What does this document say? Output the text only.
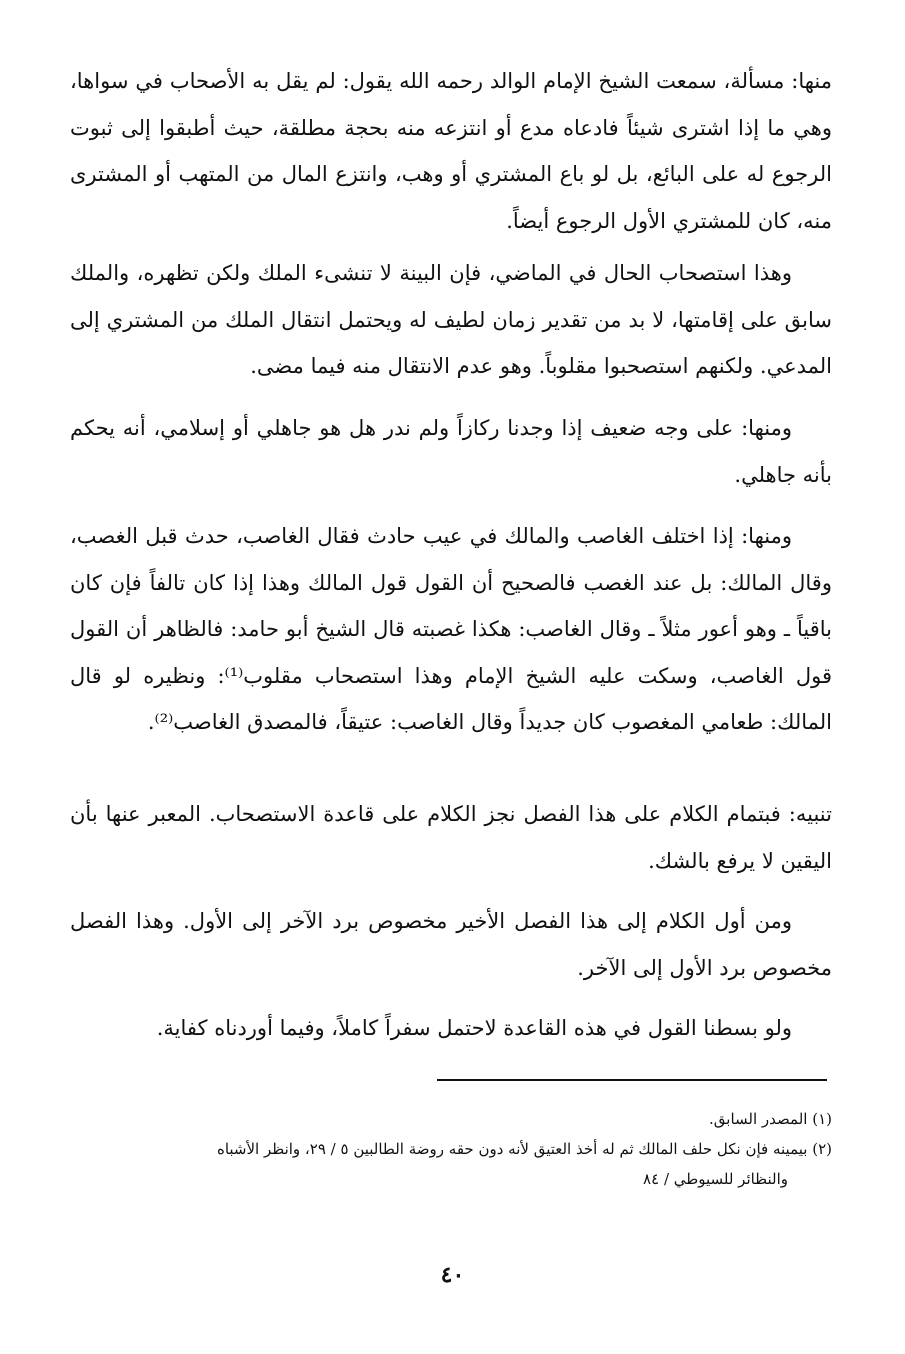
منها: مسألة، سمعت الشيخ الإمام الوالد رحمه الله يقول: لم يقل به الأصحاب في سواها، وهي ما إذا اشترى شيئاً فادعاه مدع أو انتزعه منه بحجة مطلقة، حيث أطبقوا إلى ثبوت الرجوع له على البائع، بل لو باع المشتري أو وهب، وانتزع المال من المتهب أو المشترى منه، كان للمشتري الأول الرجوع أيضاً.

وهذا استصحاب الحال في الماضي، فإن البينة لا تنشىء الملك ولكن تظهره، والملك سابق على إقامتها، لا بد من تقدير زمان لطيف له ويحتمل انتقال الملك من المشتري إلى المدعي. ولكنهم استصحبوا مقلوباً. وهو عدم الانتقال منه فيما مضى.

ومنها: على وجه ضعيف إذا وجدنا ركازاً ولم ندر هل هو جاهلي أو إسلامي، أنه يحكم بأنه جاهلي.

ومنها: إذا اختلف الغاصب والمالك في عيب حادث فقال الغاصب، حدث قبل الغصب، وقال المالك: بل عند الغصب فالصحيح أن القول قول المالك وهذا إذا كان تالفاً فإن كان باقياً ـ وهو أعور مثلاً ـ وقال الغاصب: هكذا غصبته قال الشيخ أبو حامد: فالظاهر أن القول قول الغاصب، وسكت عليه الشيخ الإمام وهذا استصحاب مقلوب⁽¹⁾: ونظيره لو قال المالك: طعامي المغصوب كان جديداً وقال الغاصب: عتيقاً، فالمصدق الغاصب⁽²⁾.

تنبيه: فبتمام الكلام على هذا الفصل نجز الكلام على قاعدة الاستصحاب. المعبر عنها بأن اليقين لا يرفع بالشك.

ومن أول الكلام إلى هذا الفصل الأخير مخصوص برد الآخر إلى الأول. وهذا الفصل مخصوص برد الأول إلى الآخر.

ولو بسطنا القول في هذه القاعدة لاحتمل سفراً كاملاً، وفيما أوردناه كفاية.

(١) المصدر السابق.
(٢) بيمينه فإن نكل حلف المالك ثم له أخذ العتيق لأنه دون حقه روضة الطالبين ٥ / ٢٩، وانظر الأشباه
والنظائر للسيوطي / ٨٤
٤٠
